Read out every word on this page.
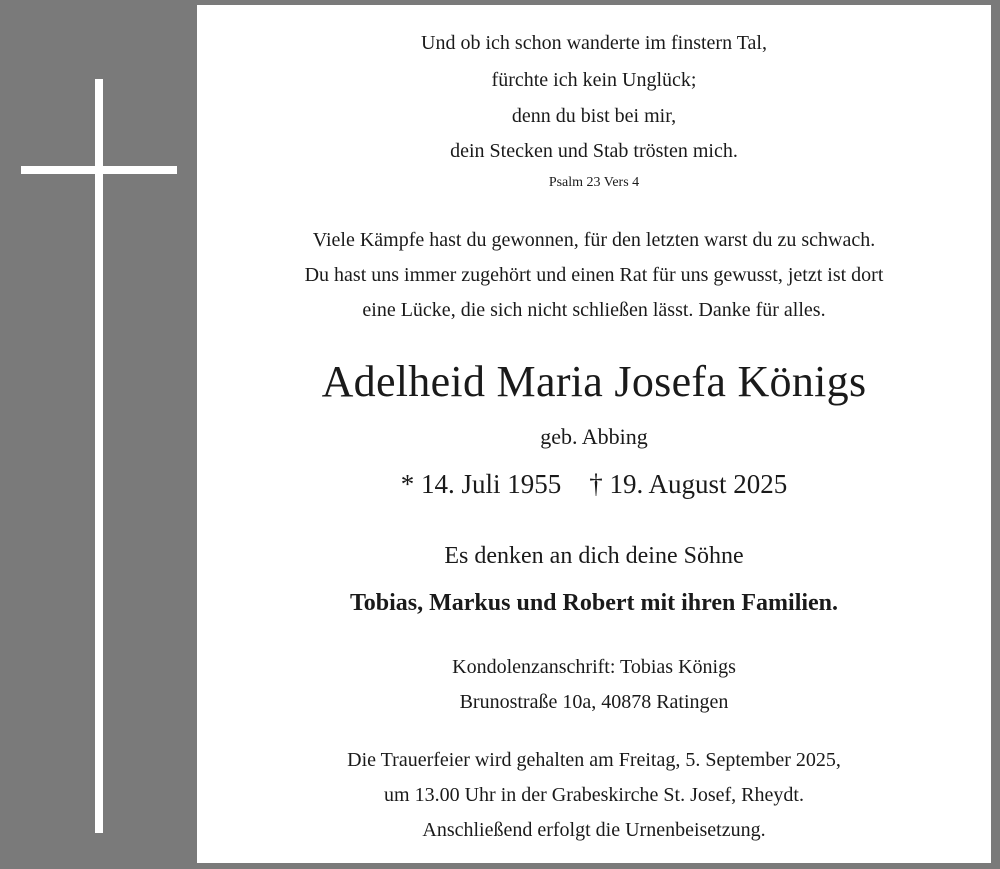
Und ob ich schon wanderte im finstern Tal,
fürchte ich kein Unglück;
denn du bist bei mir,
dein Stecken und Stab trösten mich.
Psalm 23 Vers 4
Viele Kämpfe hast du gewonnen, für den letzten warst du zu schwach.
Du hast uns immer zugehört und einen Rat für uns gewusst, jetzt ist dort
eine Lücke, die sich nicht schließen lässt. Danke für alles.
Adelheid Maria Josefa Königs
geb. Abbing
* 14. Juli 1955 † 19. August 2025
Es denken an dich deine Söhne
Tobias, Markus und Robert mit ihren Familien.
Kondolenzanschrift: Tobias Königs
Brunostraße 10a, 40878 Ratingen
Die Trauerfeier wird gehalten am Freitag, 5. September 2025,
um 13.00 Uhr in der Grabeskirche St. Josef, Rheydt.
Anschließend erfolgt die Urnenbeisetzung.
